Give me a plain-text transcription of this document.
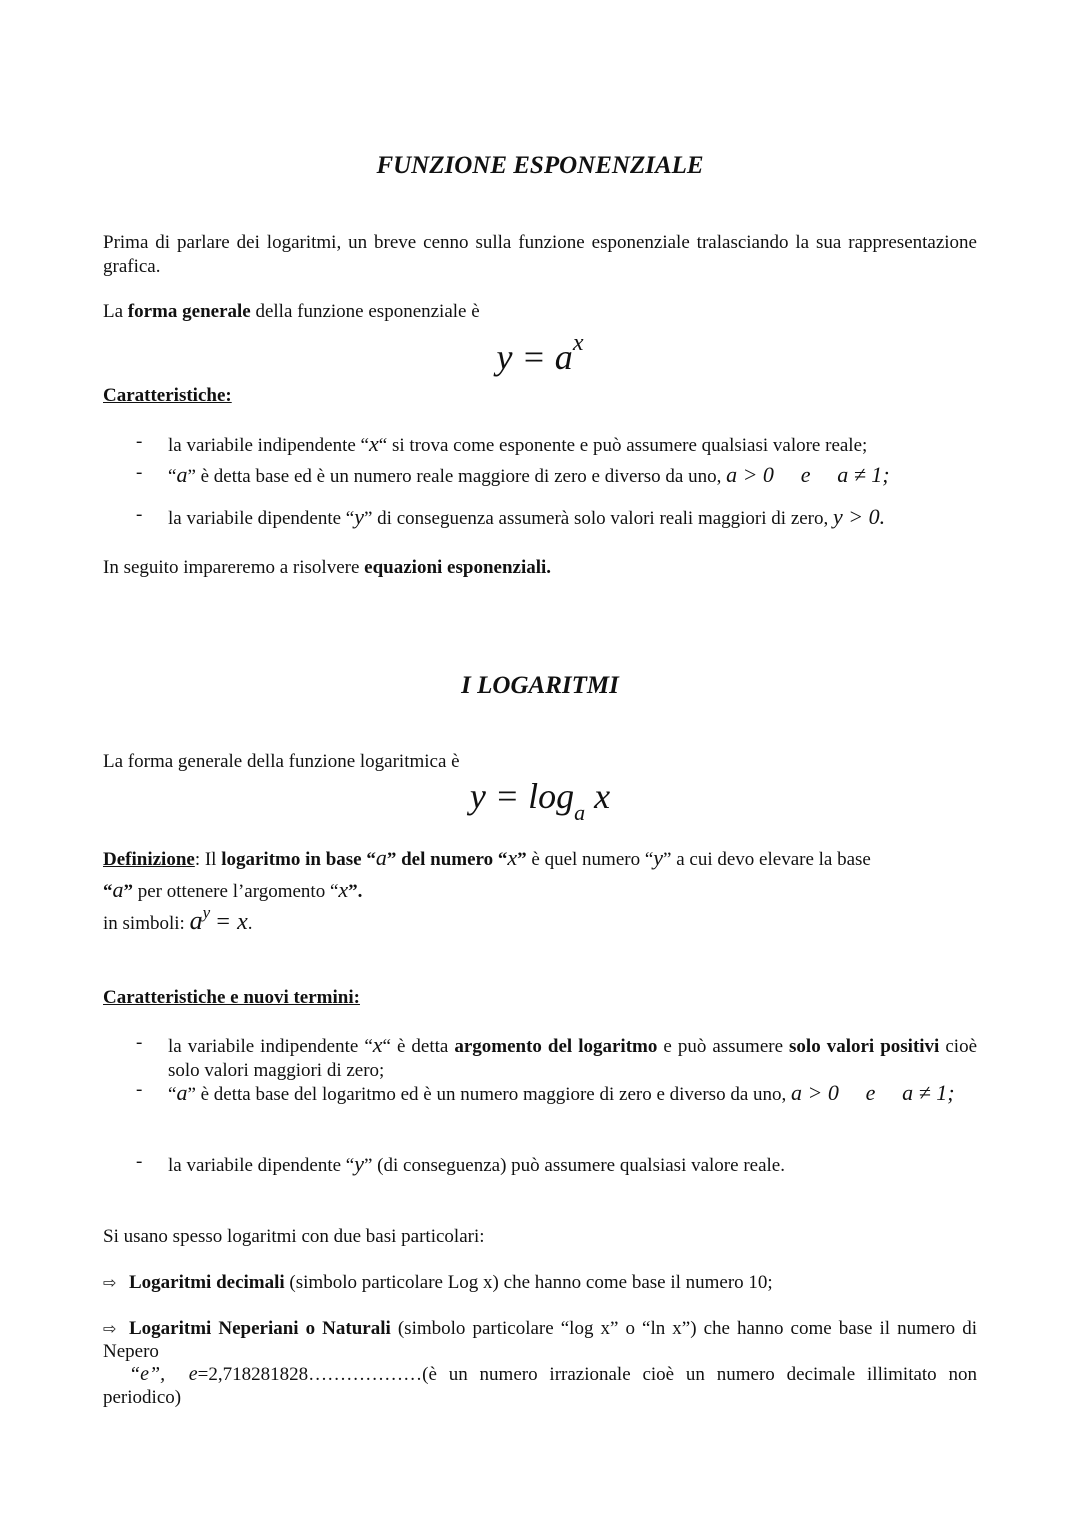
FUNZIONE ESPONENZIALE
Prima di parlare dei logaritmi, un breve cenno sulla funzione esponenziale tralasciando la sua rappresentazione grafica.
La forma generale della funzione esponenziale è
$y = a^x$
Caratteristiche:
- la variabile indipendente “x“ si trova come esponente e può assumere qualsiasi valore reale;
- “a” è detta base ed è un numero reale maggiore di zero e diverso da uno, a > 0 e a ≠ 1;
- la variabile dipendente “y” di conseguenza assumerà solo valori reali maggiori di zero, y > 0.
In seguito impareremo a risolvere equazioni esponenziali.
I LOGARITMI
La forma generale della funzione logaritmica è
$y = \log_a x$
Definizione: Il logaritmo in base “a” del numero “x” è quel numero “y” a cui devo elevare la base
“a” per ottenere l’argomento “x”.
in simboli: $a^y = x$.
Caratteristiche e nuovi termini:
- la variabile indipendente “x“ è detta argomento del logaritmo e può assumere solo valori positivi cioè solo valori maggiori di zero;
- “a” è detta base del logaritmo ed è un numero maggiore di zero e diverso da uno, a > 0 e a ≠ 1;
- la variabile dipendente “y” (di conseguenza) può assumere qualsiasi valore reale.
Si usano spesso logaritmi con due basi particolari:
⇨ Logaritmi decimali (simbolo particolare Log x) che hanno come base il numero 10;
⇨ Logaritmi Neperiani o Naturali (simbolo particolare “log x” o “ln x”) che hanno come base il numero di Nepero
“e”, e=2,718281828………………(è un numero irrazionale cioè un numero decimale illimitato non periodico)
